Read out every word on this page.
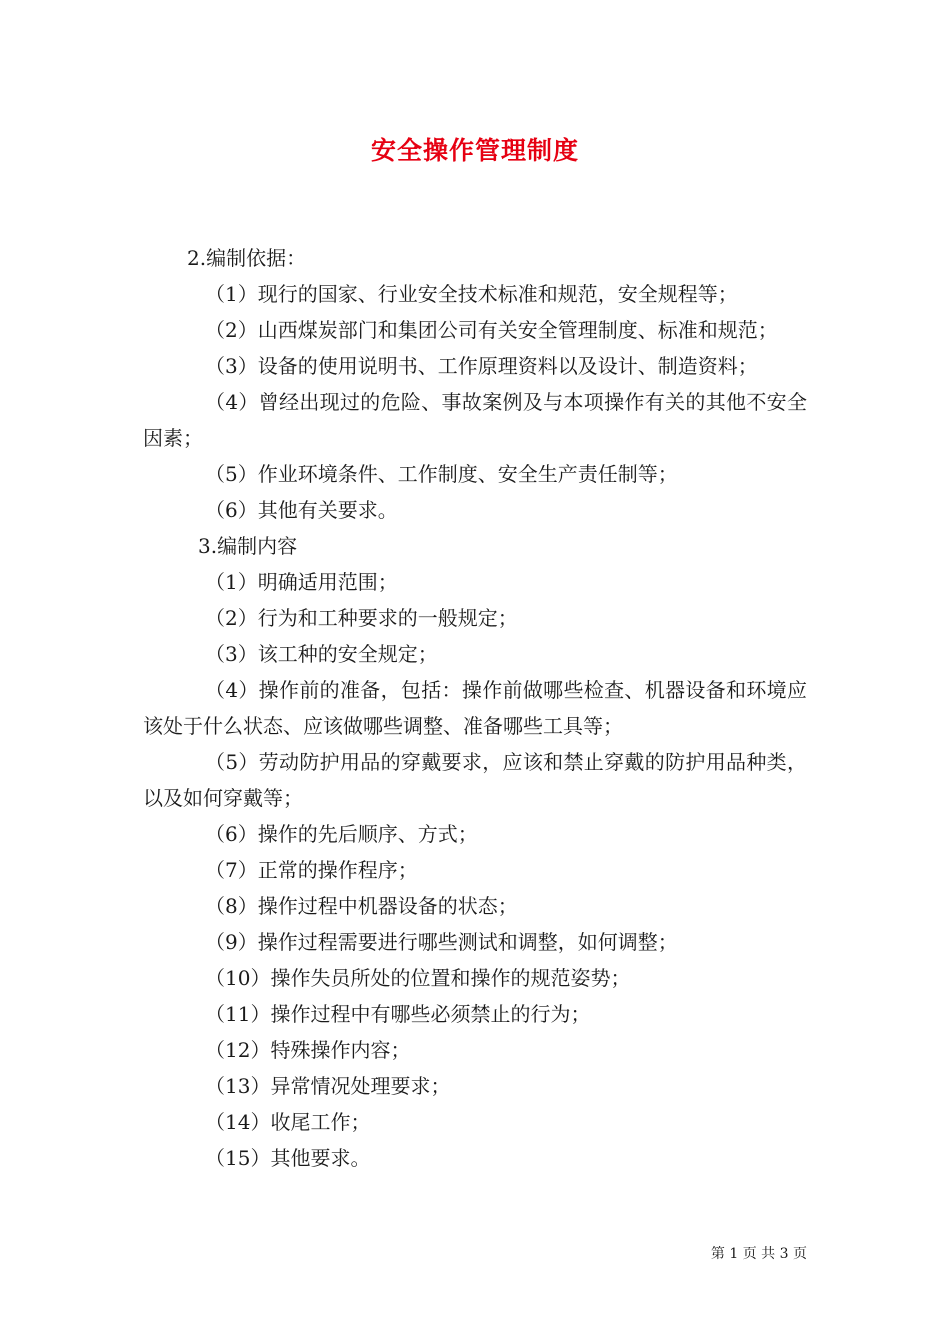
安全操作管理制度

2.编制依据：

（1）现行的国家、行业安全技术标准和规范，安全规程等；

（2）山西煤炭部门和集团公司有关安全管理制度、标准和规范；

（3）设备的使用说明书、工作原理资料以及设计、制造资料；

（4）曾经出现过的危险、事故案例及与本项操作有关的其他不安全因素；

（5）作业环境条件、工作制度、安全生产责任制等；

（6）其他有关要求。

3.编制内容

（1）明确适用范围；

（2）行为和工种要求的一般规定；

（3）该工种的安全规定；

（4）操作前的准备，包括：操作前做哪些检查、机器设备和环境应该处于什么状态、应该做哪些调整、准备哪些工具等；

（5）劳动防护用品的穿戴要求，应该和禁止穿戴的防护用品种类，以及如何穿戴等；

（6）操作的先后顺序、方式；

（7）正常的操作程序；

（8）操作过程中机器设备的状态；

（9）操作过程需要进行哪些测试和调整，如何调整；

（10）操作失员所处的位置和操作的规范姿势；

（11）操作过程中有哪些必须禁止的行为；

（12）特殊操作内容；

（13）异常情况处理要求；

（14）收尾工作；

（15）其他要求。

第 1 页 共 3 页
